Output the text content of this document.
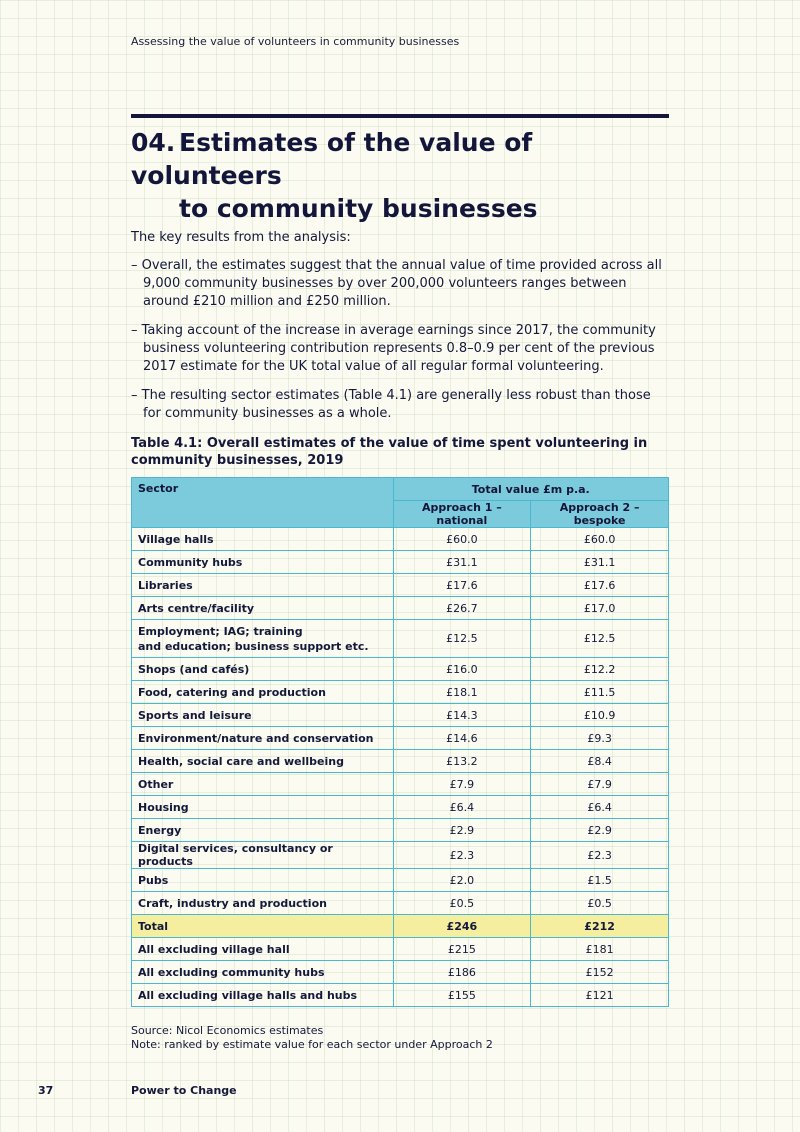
Assessing the value of volunteers in community businesses
04. Estimates of the value of volunteers
to community businesses

The key results from the analysis:

– Overall, the estimates suggest that the annual value of time provided across all 9,000 community businesses by over 200,000 volunteers ranges between around £210 million and £250 million.
– Taking account of the increase in average earnings since 2017, the community business volunteering contribution represents 0.8–0.9 per cent of the previous 2017 estimate for the UK total value of all regular formal volunteering.
– The resulting sector estimates (Table 4.1) are generally less robust than those for community businesses as a whole.

Table 4.1: Overall estimates of the value of time spent volunteering in community businesses, 2019

Sector	Total value £m p.a.	
	Approach 1 – national	Approach 2 – bespoke
Village halls	£60.0	£60.0
Community hubs	£31.1	£31.1
Libraries	£17.6	£17.6
Arts centre/facility	£26.7	£17.0
Employment; IAG; training
and education; business support etc.	£12.5	£12.5
Shops (and cafés)	£16.0	£12.2
Food, catering and production	£18.1	£11.5
Sports and leisure	£14.3	£10.9
Environment/nature and conservation	£14.6	£9.3
Health, social care and wellbeing	£13.2	£8.4
Other	£7.9	£7.9
Housing	£6.4	£6.4
Energy	£2.9	£2.9
Digital services, consultancy or products	£2.3	£2.3
Pubs	£2.0	£1.5
Craft, industry and production	£0.5	£0.5
Total	£246	£212
All excluding village hall	£215	£181
All excluding community hubs	£186	£152
All excluding village halls and hubs	£155	£121
Source: Nicol Economics estimates
Note: ranked by estimate value for each sector under Approach 2
37	Power to Change
